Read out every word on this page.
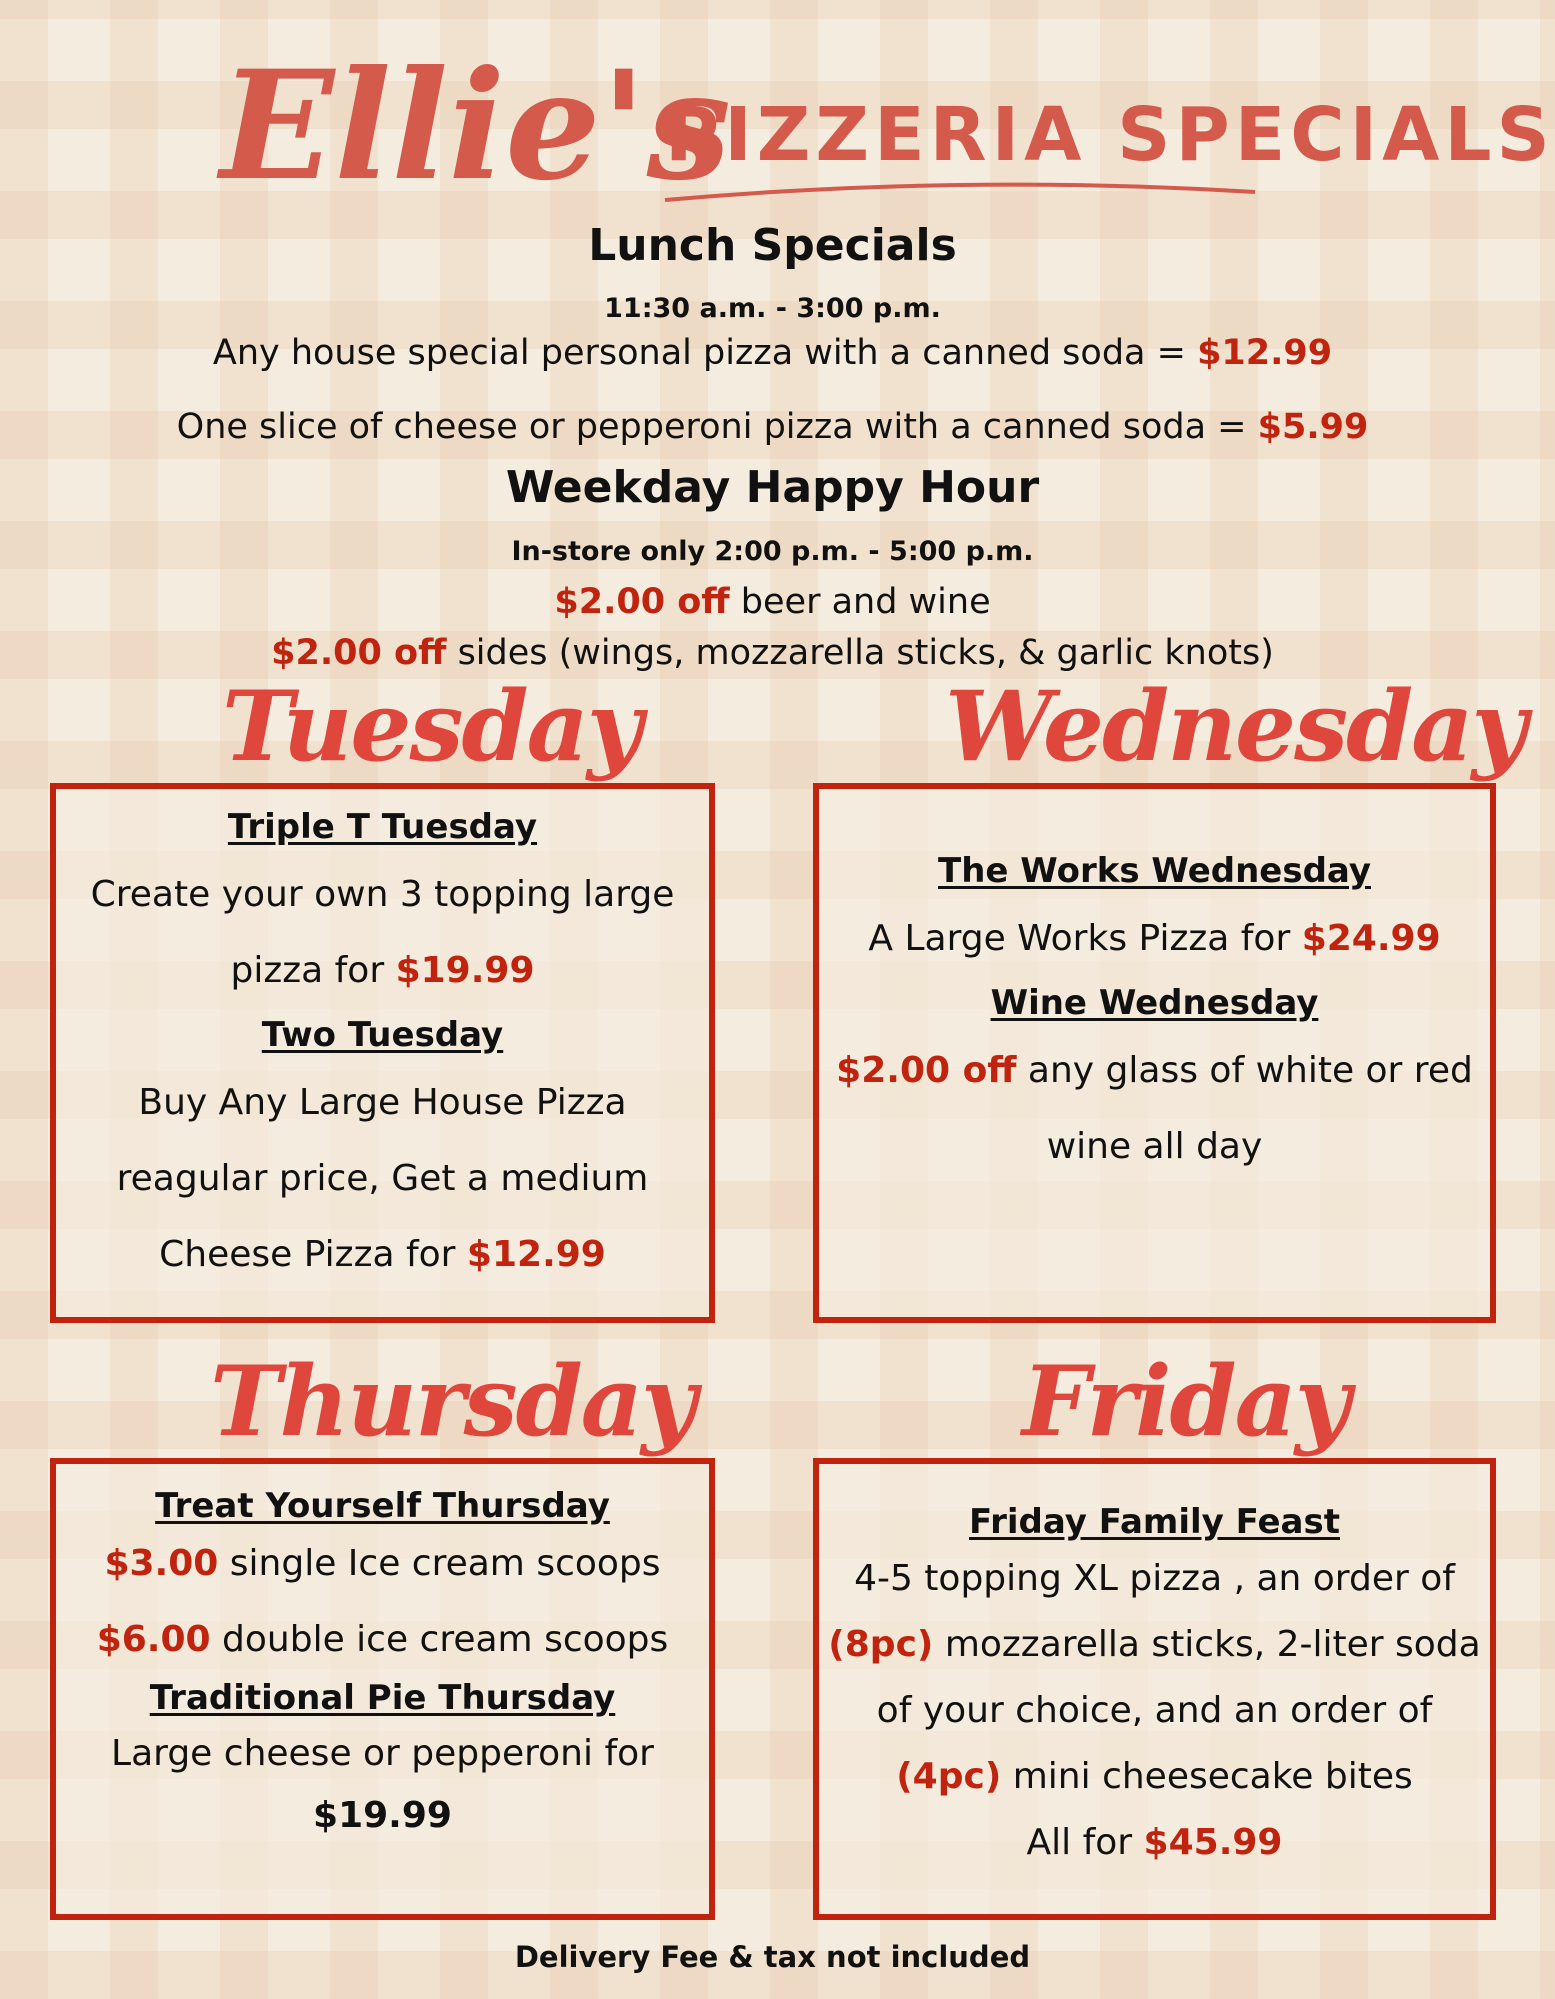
Ellie's
PIZZERIA SPECIALS
Lunch Specials
11:30 a.m. - 3:00 p.m.
Any house special personal pizza with a canned soda = $12.99
One slice of cheese or pepperoni pizza with a canned soda = $5.99
Weekday Happy Hour
In-store only 2:00 p.m. - 5:00 p.m.
$2.00 off beer and wine
$2.00 off sides (wings, mozzarella sticks, & garlic knots)
Tuesday
Triple T Tuesday
Create your own 3 topping large
pizza for $19.99
Two Tuesday
Buy Any Large House Pizza
reagular price, Get a medium
Cheese Pizza for $12.99
Wednesday
The Works Wednesday
A Large Works Pizza for $24.99
Wine Wednesday
$2.00 off any glass of white or red
wine all day
Thursday
Treat Yourself Thursday
$3.00 single Ice cream scoops
$6.00 double ice cream scoops
Traditional Pie Thursday
Large cheese or pepperoni for
$19.99
Friday
Friday Family Feast
4-5 topping XL pizza , an order of
(8pc) mozzarella sticks, 2-liter soda
of your choice, and an order of
(4pc) mini cheesecake bites
All for $45.99
Delivery Fee & tax not included
